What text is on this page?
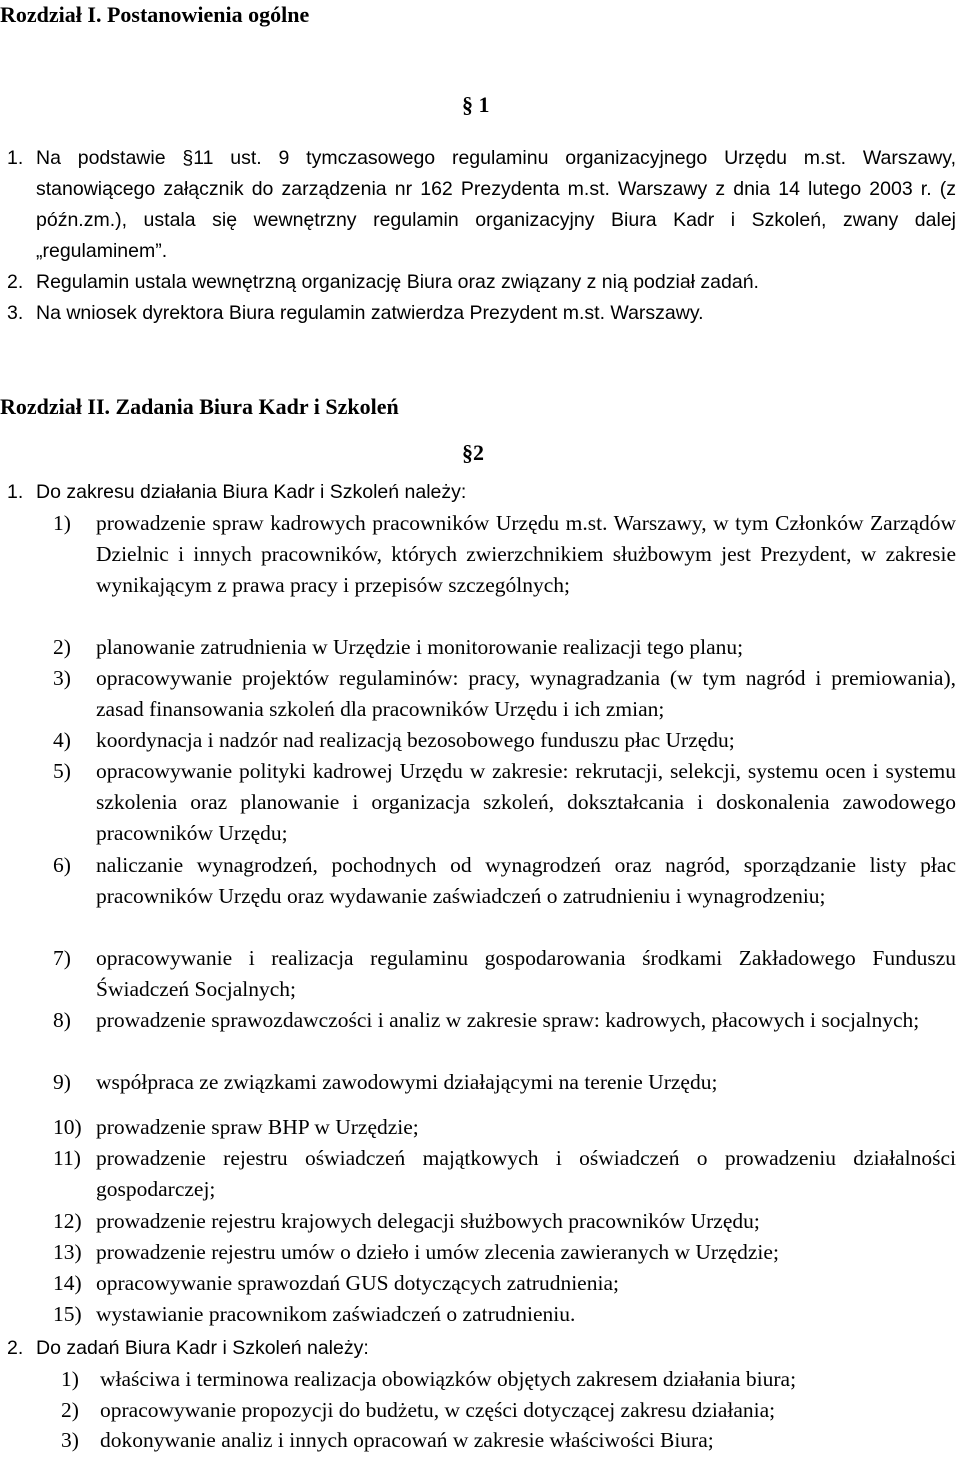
Rozdział I. Postanowienia ogólne
§ 1
1. Na podstawie §11 ust. 9 tymczasowego regulaminu organizacyjnego Urzędu m.st. Warszawy, stanowiącego załącznik do zarządzenia nr 162 Prezydenta m.st. Warszawy z dnia 14 lutego 2003 r. (z późn.zm.), ustala się wewnętrzny regulamin organizacyjny Biura Kadr i Szkoleń, zwany dalej „regulaminem”.
2. Regulamin ustala wewnętrzną organizację Biura oraz związany z nią podział zadań.
3. Na wniosek dyrektora Biura regulamin zatwierdza Prezydent m.st. Warszawy.
Rozdział II. Zadania Biura Kadr i Szkoleń
§2
1. Do zakresu działania Biura Kadr i Szkoleń należy:
1) prowadzenie spraw kadrowych pracowników Urzędu m.st. Warszawy, w tym Członków Zarządów Dzielnic i innych pracowników, których zwierzchnikiem służbowym jest Prezydent, w zakresie wynikającym z prawa pracy i przepisów szczególnych;
2) planowanie zatrudnienia w Urzędzie i monitorowanie realizacji tego planu;
3) opracowywanie projektów regulaminów: pracy, wynagradzania (w tym nagród i premiowania), zasad finansowania szkoleń dla pracowników Urzędu i ich zmian;
4) koordynacja i nadzór nad realizacją bezosobowego funduszu płac Urzędu;
5) opracowywanie polityki kadrowej Urzędu w zakresie: rekrutacji, selekcji, systemu ocen i systemu szkolenia oraz planowanie i organizacja szkoleń, dokształcania i doskonalenia zawodowego pracowników Urzędu;
6) naliczanie wynagrodzeń, pochodnych od wynagrodzeń oraz nagród, sporządzanie listy płac pracowników Urzędu oraz wydawanie zaświadczeń o zatrudnieniu i wynagrodzeniu;
7) opracowywanie i realizacja regulaminu gospodarowania środkami Zakładowego Funduszu Świadczeń Socjalnych;
8) prowadzenie sprawozdawczości i analiz w zakresie spraw: kadrowych, płacowych i socjalnych;
9) współpraca ze związkami zawodowymi działającymi na terenie Urzędu;
10) prowadzenie spraw BHP w Urzędzie;
11) prowadzenie rejestru oświadczeń majątkowych i oświadczeń o prowadzeniu działalności gospodarczej;
12) prowadzenie rejestru krajowych delegacji służbowych pracowników Urzędu;
13) prowadzenie rejestru umów o dzieło i umów zlecenia zawieranych w Urzędzie;
14) opracowywanie sprawozdań GUS dotyczących zatrudnienia;
15) wystawianie pracownikom zaświadczeń o zatrudnieniu.
2. Do zadań Biura Kadr i Szkoleń należy:
1) właściwa i terminowa realizacja obowiązków objętych zakresem działania biura;
2) opracowywanie propozycji do budżetu, w części dotyczącej zakresu działania;
3) dokonywanie analiz i innych opracowań w zakresie właściwości Biura;
